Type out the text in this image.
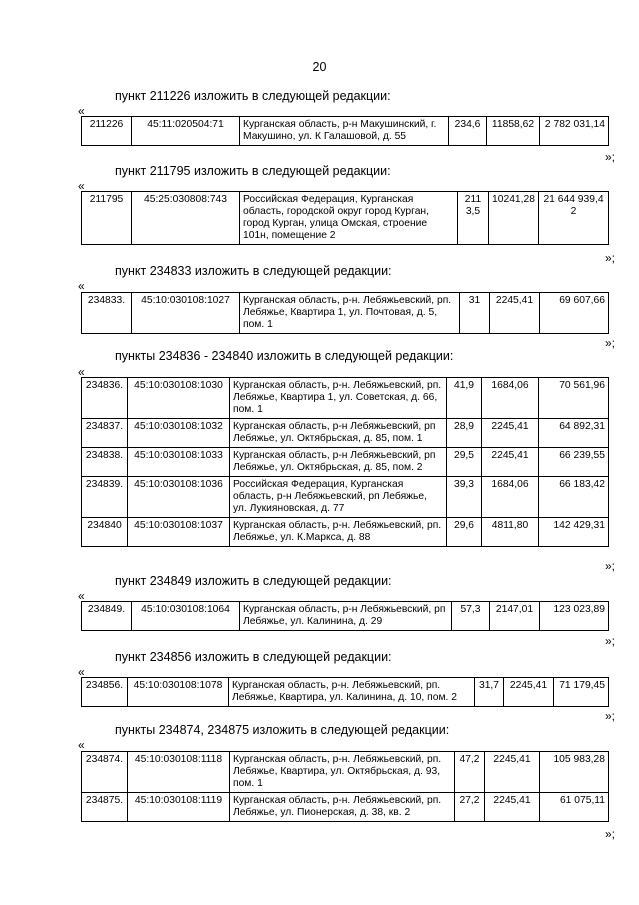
20
пункт 211226 изложить в следующей редакции:
«
211226	45:11:020504:71	Курганская область, р-н Макушинский, г. Макушино, ул. К Галашовой, д. 55	234,6	11858,62	2 782 031,14
»;
пункт 211795 изложить в следующей редакции:
«
211795	45:25:030808:743	Российская Федерация, Курганская область, городской округ город Курган, город Курган, улица Омская, строение 101н, помещение 2	2113,5	10241,28	21 644 939,42
»;
пункт 234833 изложить в следующей редакции:
«
234833.	45:10:030108:1027	Курганская область, р-н. Лебяжьевский, рп. Лебяжье, Квартира 1, ул. Почтовая, д. 5, пом. 1	31	2245,41	69 607,66
»;
пункты 234836 - 234840 изложить в следующей редакции:
«
234836.	45:10:030108:1030	Курганская область, р-н. Лебяжьевский, рп. Лебяжье, Квартира 1, ул. Советская, д. 66, пом. 1	41,9	1684,06	70 561,96
234837.	45:10:030108:1032	Курганская область, р-н Лебяжьевский, рп Лебяжье, ул. Октябрьская, д. 85, пом. 1	28,9	2245,41	64 892,31
234838.	45:10:030108:1033	Курганская область, р-н Лебяжьевский, рп Лебяжье, ул. Октябрьская, д. 85, пом. 2	29,5	2245,41	66 239,55
234839.	45:10:030108:1036	Российская Федерация, Курганская область, р-н Лебяжьевский, рп Лебяжье, ул. Лукияновская, д. 77	39,3	1684,06	66 183,42
234840	45:10:030108:1037	Курганская область, р-н. Лебяжьевский, рп. Лебяжье, ул. К.Маркса, д. 88	29,6	4811,80	142 429,31
»;
пункт 234849 изложить в следующей редакции:
«
234849.	45:10:030108:1064	Курганская область, р-н Лебяжьевский, рп Лебяжье, ул. Калинина, д. 29	57,3	2147,01	123 023,89
»;
пункт 234856 изложить в следующей редакции:
«
234856.	45:10:030108:1078	Курганская область, р-н. Лебяжьевский, рп. Лебяжье, Квартира, ул. Калинина, д. 10, пом. 2	31,7	2245,41	71 179,45
»;
пункты 234874, 234875 изложить в следующей редакции:
«
234874.	45:10:030108:1118	Курганская область, р-н. Лебяжьевский, рп. Лебяжье, Квартира, ул. Октябрьская, д. 93, пом. 1	47,2	2245,41	105 983,28
234875.	45:10:030108:1119	Курганская область, р-н. Лебяжьевский, рп. Лебяжье, ул. Пионерская, д. 38, кв. 2	27,2	2245,41	61 075,11
»;
